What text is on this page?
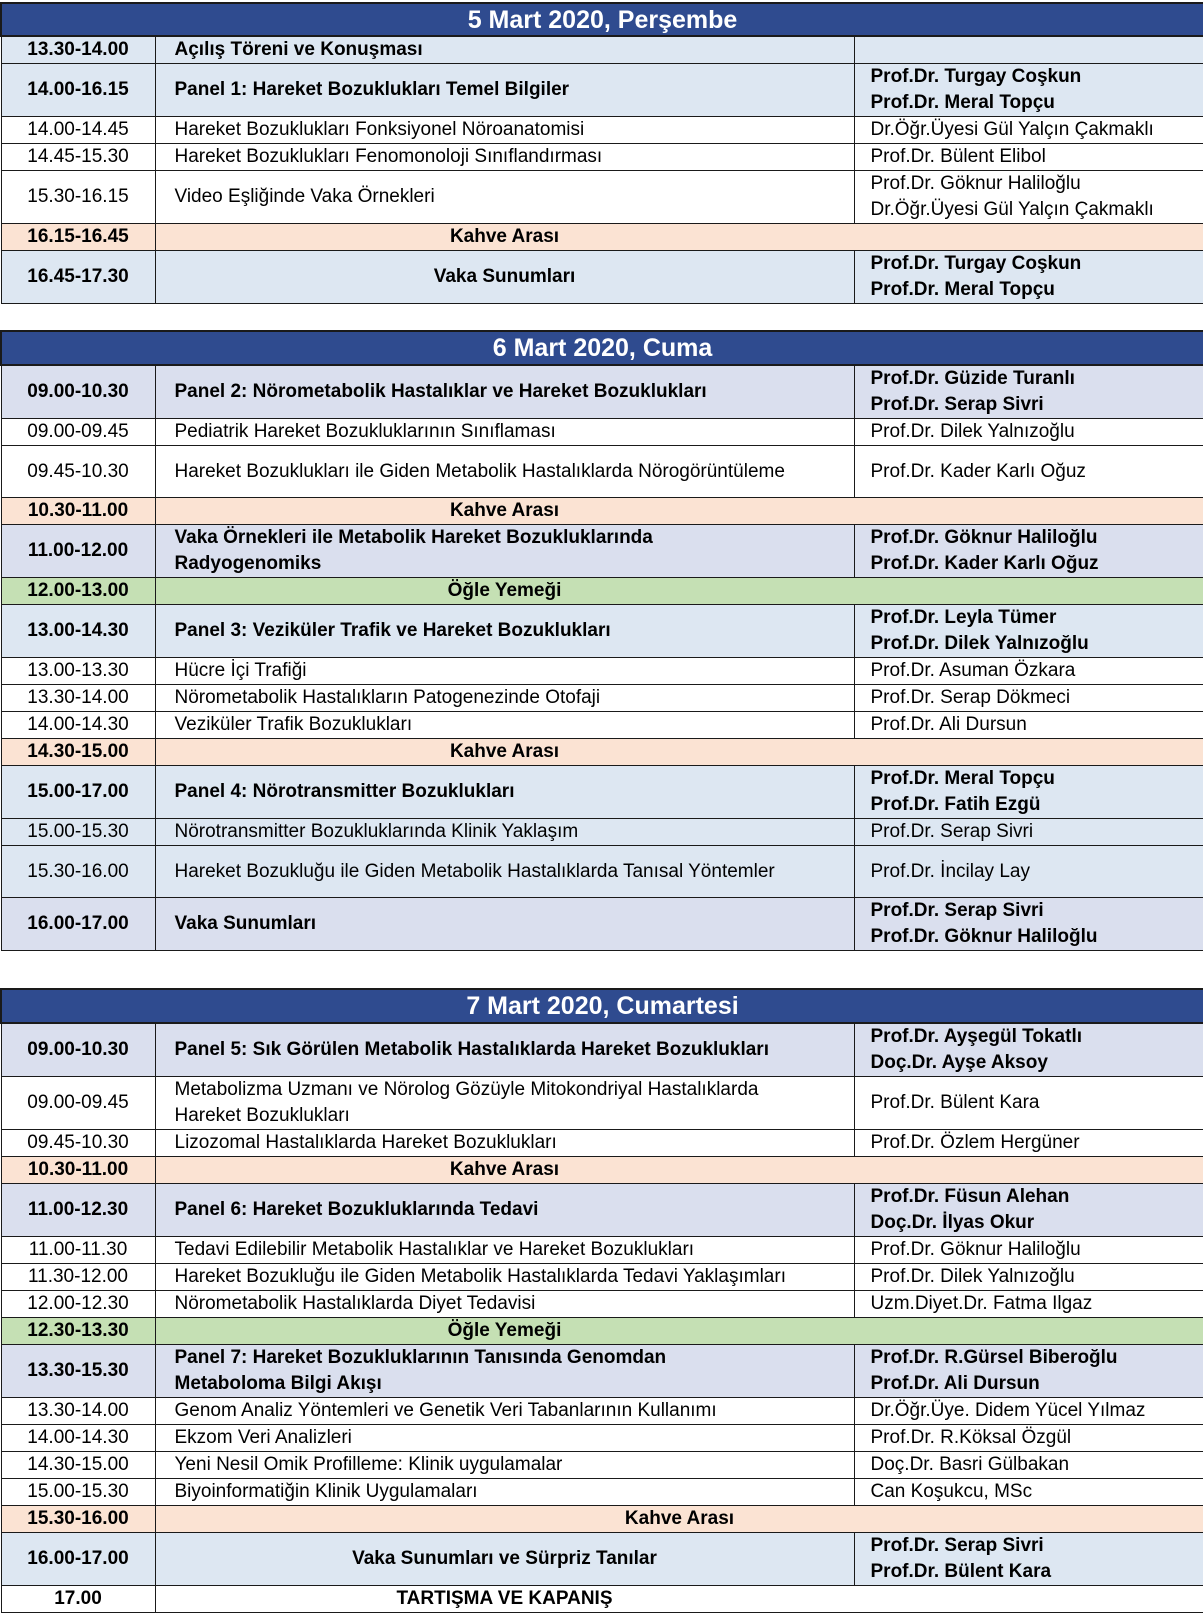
5 Mart 2020, Perşembe		
13.30-14.00	Açılış Töreni ve Konuşması	
14.00-16.15	Panel 1: Hareket Bozuklukları Temel Bilgiler	Prof.Dr. Turgay Coşkun
Prof.Dr. Meral Topçu

14.00-14.45	Hareket Bozuklukları Fonksiyonel Nöroanatomisi	Dr.Öğr.Üyesi Gül Yalçın Çakmaklı

14.45-15.30	Hareket Bozuklukları Fenomonoloji Sınıflandırması	Prof.Dr. Bülent Elibol

15.30-16.15	Video Eşliğinde Vaka Örnekleri	Prof.Dr. Göknur Haliloğlu
Dr.Öğr.Üyesi Gül Yalçın Çakmaklı

16.15-16.45	Kahve Arası	
16.45-17.30	Vaka Sunumları	Prof.Dr. Turgay Coşkun
Prof.Dr. Meral Topçu
6 Mart 2020, Cuma		
09.00-10.30	Panel 2: Nörometabolik Hastalıklar ve Hareket Bozuklukları	Prof.Dr. Güzide Turanlı
Prof.Dr. Serap Sivri

09.00-09.45	Pediatrik Hareket Bozukluklarının Sınıflaması	Prof.Dr. Dilek Yalnızoğlu

09.45-10.30	Hareket Bozuklukları ile Giden Metabolik Hastalıklarda Nörogörüntüleme	Prof.Dr. Kader Karlı Oğuz

10.30-11.00	Kahve Arası	
11.00-12.00	Vaka Örnekleri ile Metabolik Hareket Bozukluklarında
Radyogenomiks	Prof.Dr. Göknur Haliloğlu
Prof.Dr. Kader Karlı Oğuz

12.00-13.00	Öğle Yemeği	
13.00-14.30	Panel 3: Veziküler Trafik ve Hareket Bozuklukları	Prof.Dr. Leyla Tümer
Prof.Dr. Dilek Yalnızoğlu

13.00-13.30	Hücre İçi Trafiği	Prof.Dr. Asuman Özkara

13.30-14.00	Nörometabolik Hastalıkların Patogenezinde Otofaji	Prof.Dr. Serap Dökmeci

14.00-14.30	Veziküler Trafik Bozuklukları	Prof.Dr. Ali Dursun

14.30-15.00	Kahve Arası	
15.00-17.00	Panel 4: Nörotransmitter Bozuklukları	Prof.Dr. Meral Topçu
Prof.Dr. Fatih Ezgü

15.00-15.30	Nörotransmitter Bozukluklarında Klinik Yaklaşım	Prof.Dr. Serap Sivri

15.30-16.00	Hareket Bozukluğu ile Giden Metabolik Hastalıklarda Tanısal Yöntemler	Prof.Dr. İncilay Lay

16.00-17.00	Vaka Sunumları	Prof.Dr. Serap Sivri
Prof.Dr. Göknur Haliloğlu
7 Mart 2020, Cumartesi		
09.00-10.30	Panel 5: Sık Görülen Metabolik Hastalıklarda Hareket Bozuklukları	Prof.Dr. Ayşegül Tokatlı
Doç.Dr. Ayşe Aksoy

09.00-09.45	Metabolizma Uzmanı ve Nörolog Gözüyle Mitokondriyal Hastalıklarda
Hareket Bozuklukları	Prof.Dr. Bülent Kara

09.45-10.30	Lizozomal Hastalıklarda Hareket Bozuklukları	Prof.Dr. Özlem Hergüner

10.30-11.00	Kahve Arası	
11.00-12.30	Panel 6: Hareket Bozukluklarında Tedavi	Prof.Dr. Füsun Alehan
Doç.Dr. İlyas Okur

11.00-11.30	Tedavi Edilebilir Metabolik Hastalıklar ve Hareket Bozuklukları	Prof.Dr. Göknur Haliloğlu

11.30-12.00	Hareket Bozukluğu ile Giden Metabolik Hastalıklarda Tedavi Yaklaşımları	Prof.Dr. Dilek Yalnızoğlu

12.00-12.30	Nörometabolik Hastalıklarda Diyet Tedavisi	Uzm.Diyet.Dr. Fatma Ilgaz

12.30-13.30	Öğle Yemeği	
13.30-15.30	Panel 7: Hareket Bozukluklarının Tanısında Genomdan
Metaboloma Bilgi Akışı	Prof.Dr. R.Gürsel Biberoğlu
Prof.Dr. Ali Dursun

13.30-14.00	Genom Analiz Yöntemleri ve Genetik Veri Tabanlarının Kullanımı	Dr.Öğr.Üye. Didem Yücel Yılmaz

14.00-14.30	Ekzom Veri Analizleri	Prof.Dr. R.Köksal Özgül

14.30-15.00	Yeni Nesil Omik Profilleme: Klinik uygulamalar	Doç.Dr. Basri Gülbakan

15.00-15.30	Biyoinformatiğin Klinik Uygulamaları	Can Koşukcu, MSc

15.30-16.00	Kahve Arası	
16.00-17.00	Vaka Sunumları ve Sürpriz Tanılar	Prof.Dr. Serap Sivri
Prof.Dr. Bülent Kara

17.00	TARTIŞMA VE KAPANIŞ	
